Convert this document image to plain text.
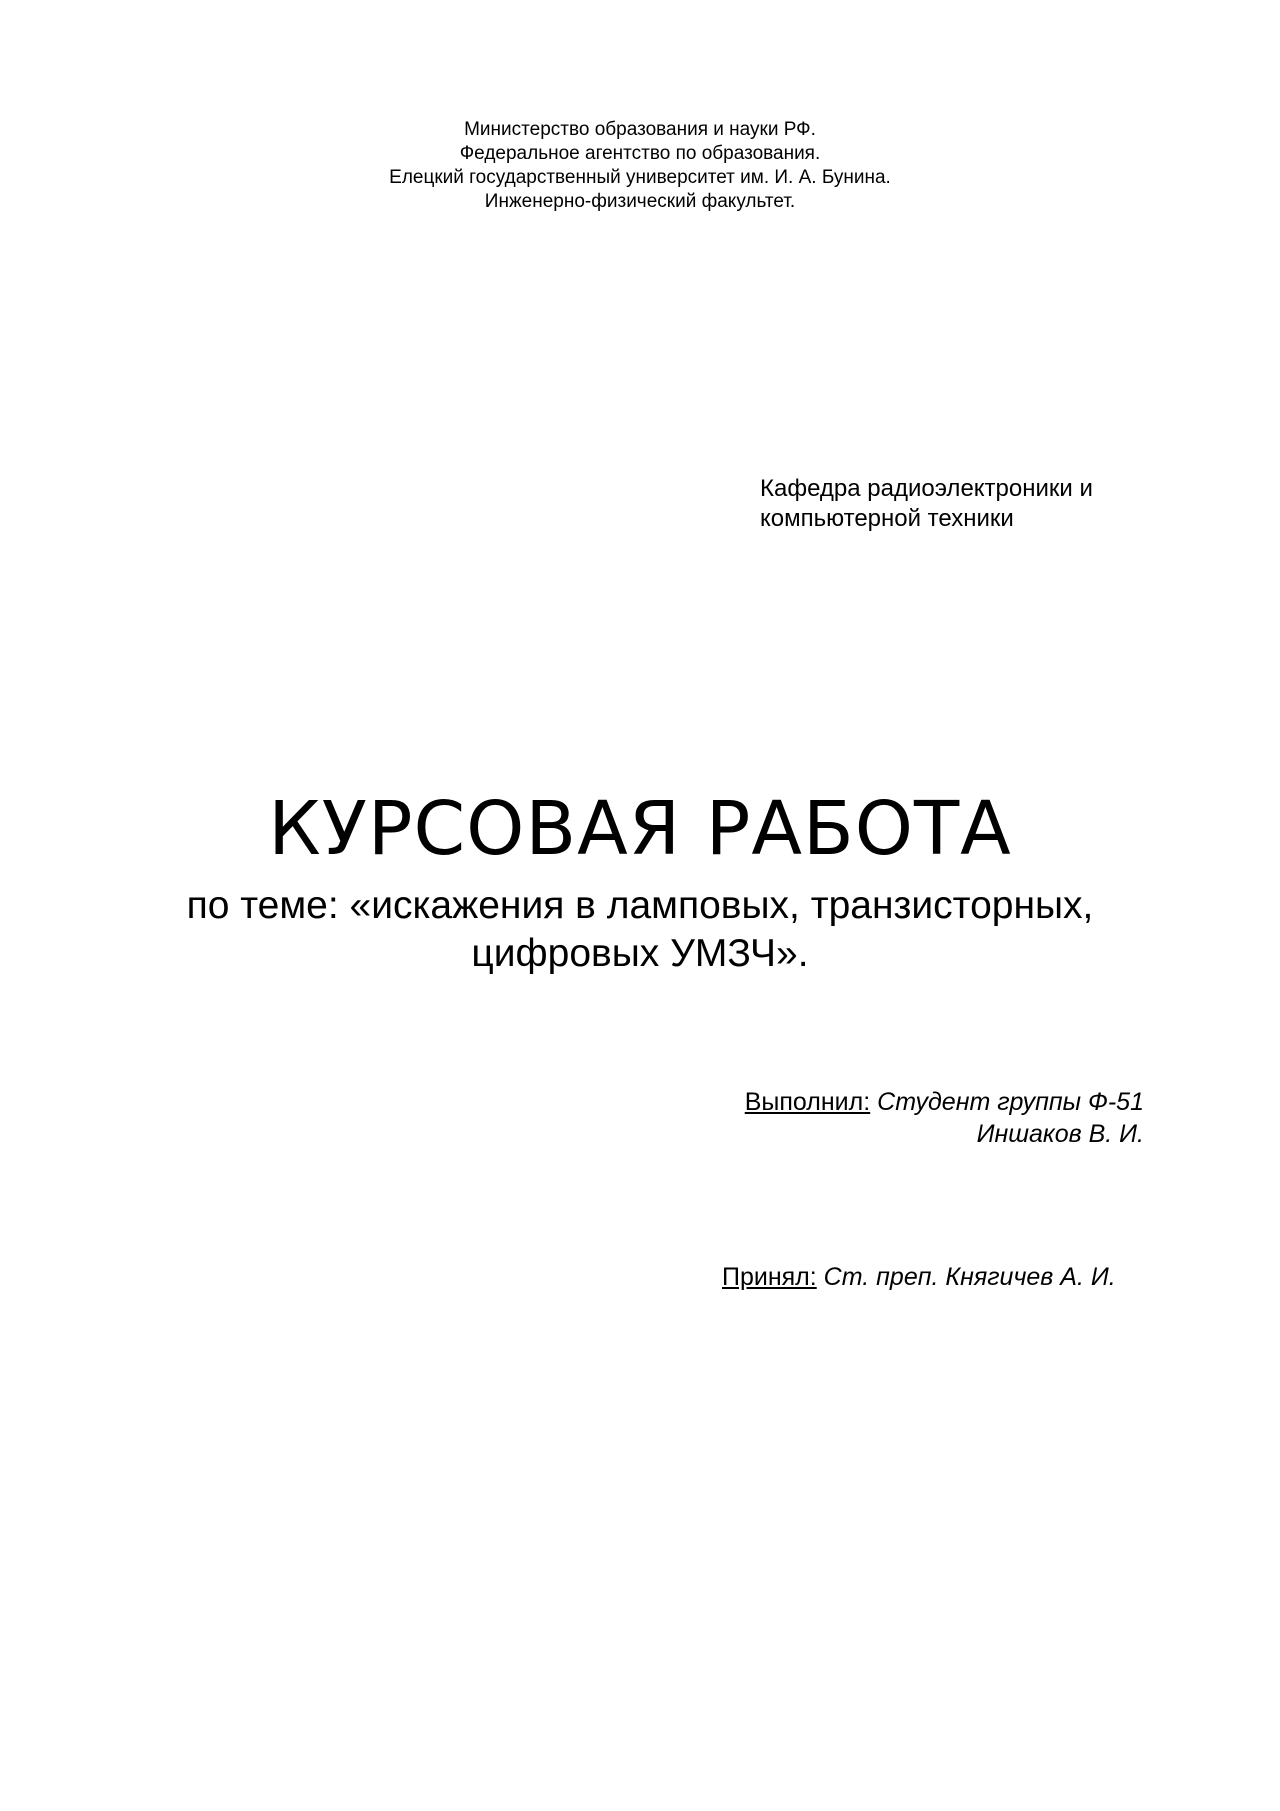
Министерство образования и науки РФ.
Федеральное агентство по образования.
Елецкий государственный университет им. И. А. Бунина.
Инженерно-физический факультет.
Кафедра радиоэлектроники и
компьютерной техники
КУРСОВАЯ РАБОТА
по теме: «искажения в ламповых, транзисторных,
цифровых УМЗЧ».
Выполнил: Студент группы Ф-51
Иншаков В. И.
Принял: Ст. преп. Княгичев А. И.
